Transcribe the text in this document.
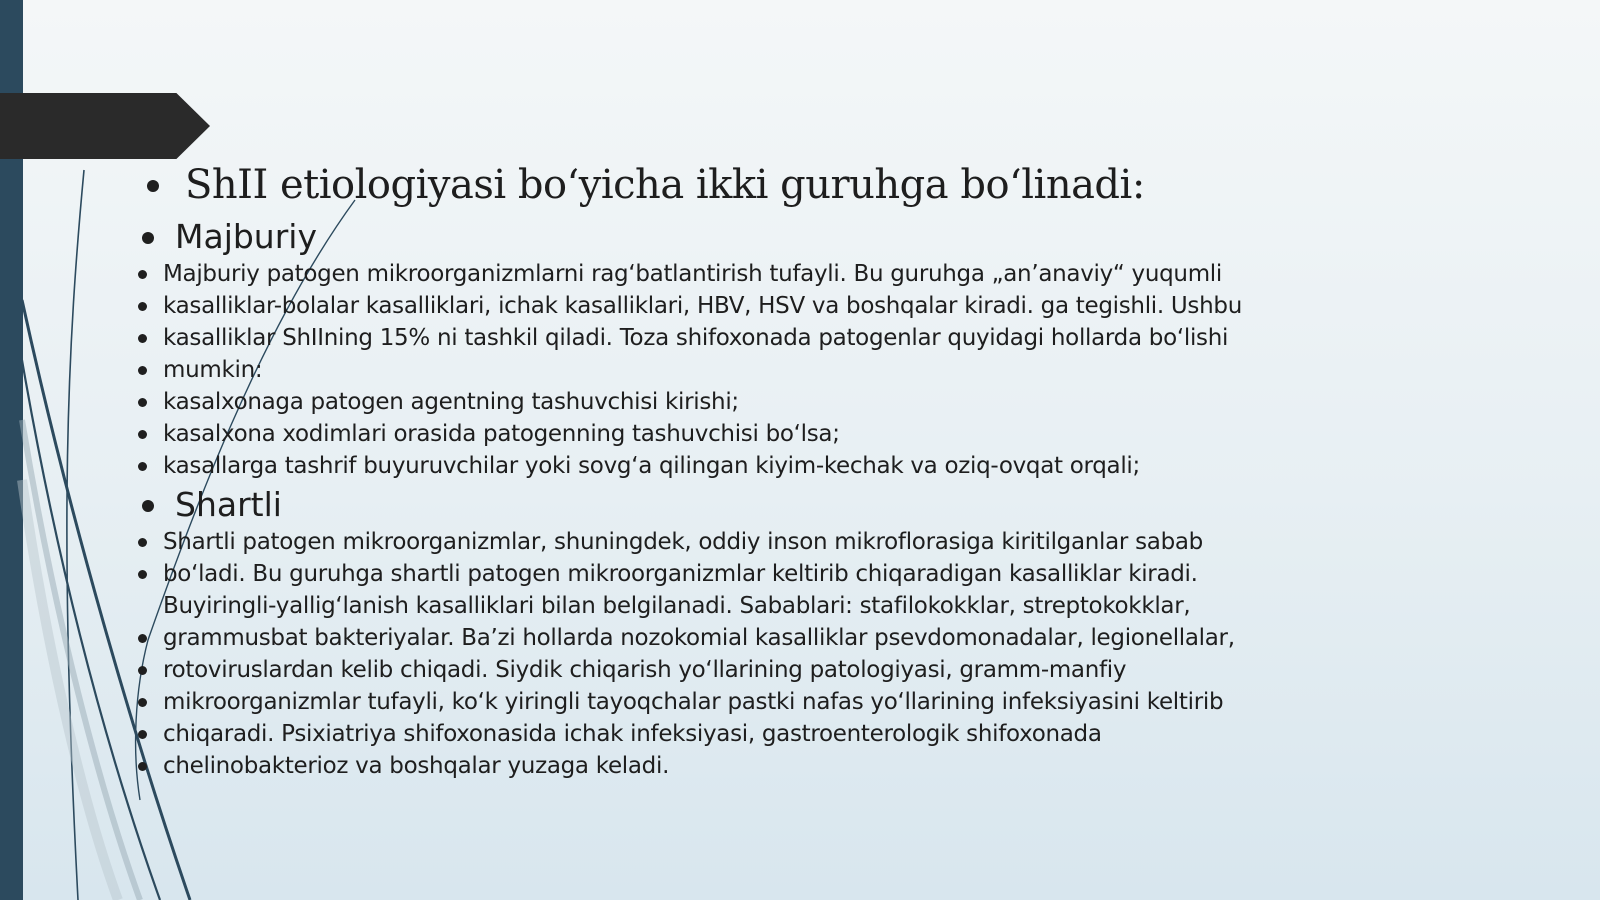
ShII etiologiyasi bo‘yicha ikki guruhga bo‘linadi:
Majburiy
Majburiy patogen mikroorganizmlarni rag‘batlantirish tufayli. Bu guruhga „an’anaviy“ yuqumli
kasalliklar-bolalar kasalliklari, ichak kasalliklari, HBV, HSV va boshqalar kiradi. ga tegishli. Ushbu
kasalliklar ShIIning 15% ni tashkil qiladi. Toza shifoxonada patogenlar quyidagi hollarda bo‘lishi
mumkin:
kasalxonaga patogen agentning tashuvchisi kirishi;
kasalxona xodimlari orasida patogenning tashuvchisi bo‘lsa;
kasallarga tashrif buyuruvchilar yoki sovg‘a qilingan kiyim-kechak va oziq-ovqat orqali;
Shartli
Shartli patogen mikroorganizmlar, shuningdek, oddiy inson mikroflorasiga kiritilganlar sabab
bo‘ladi. Bu guruhga shartli patogen mikroorganizmlar keltirib chiqaradigan kasalliklar kiradi.
Buyiringli-yallig‘lanish kasalliklari bilan belgilanadi. Sabablari: stafilokokklar, streptokokklar,
grammusbat bakteriyalar. Ba’zi hollarda nozokomial kasalliklar psevdomonadalar, legionellalar,
rotoviruslardan kelib chiqadi. Siydik chiqarish yo‘llarining patologiyasi, gramm-manfiy
mikroorganizmlar tufayli, ko‘k yiringli tayoqchalar pastki nafas yo‘llarining infeksiyasini keltirib
chiqaradi. Psixiatriya shifoxonasida ichak infeksiyasi, gastroenterologik shifoxonada
chelinobakterioz va boshqalar yuzaga keladi.
